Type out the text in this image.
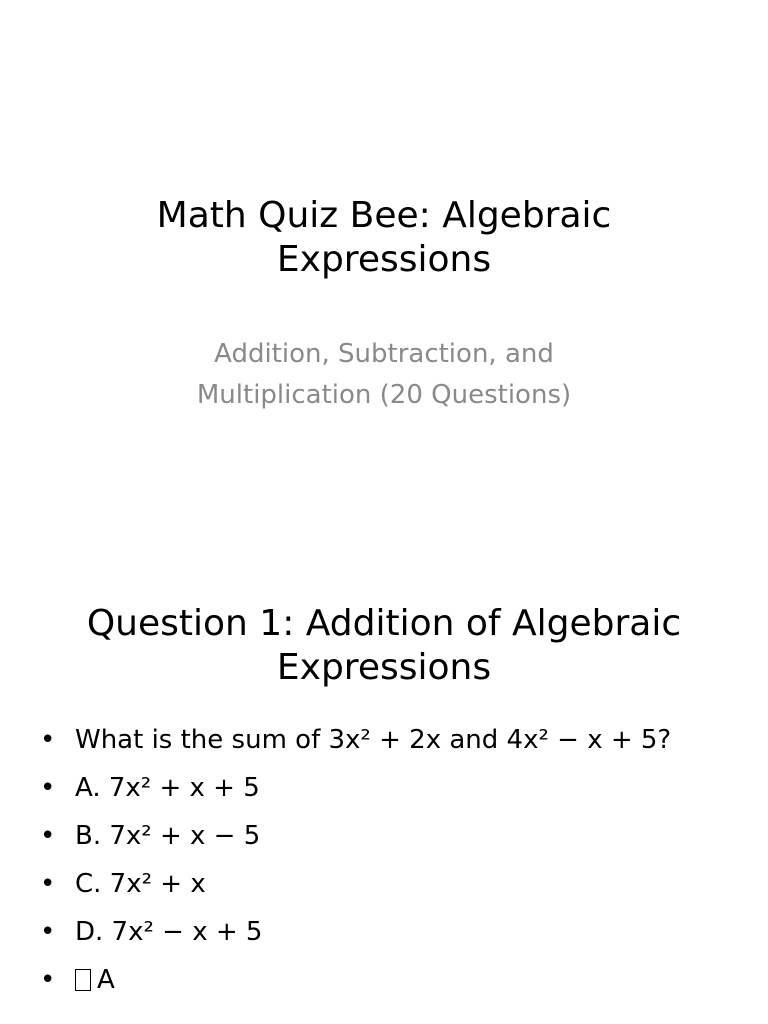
Math Quiz Bee: Algebraic
Expressions

Addition, Subtraction, and
Multiplication (20 Questions)

Question 1: Addition of Algebraic
Expressions
• What is the sum of 3x² + 2x and 4x² − x + 5?
• A. 7x² + x + 5
• B. 7x² + x − 5
• C. 7x² + x
• D. 7x² − x + 5
• A
